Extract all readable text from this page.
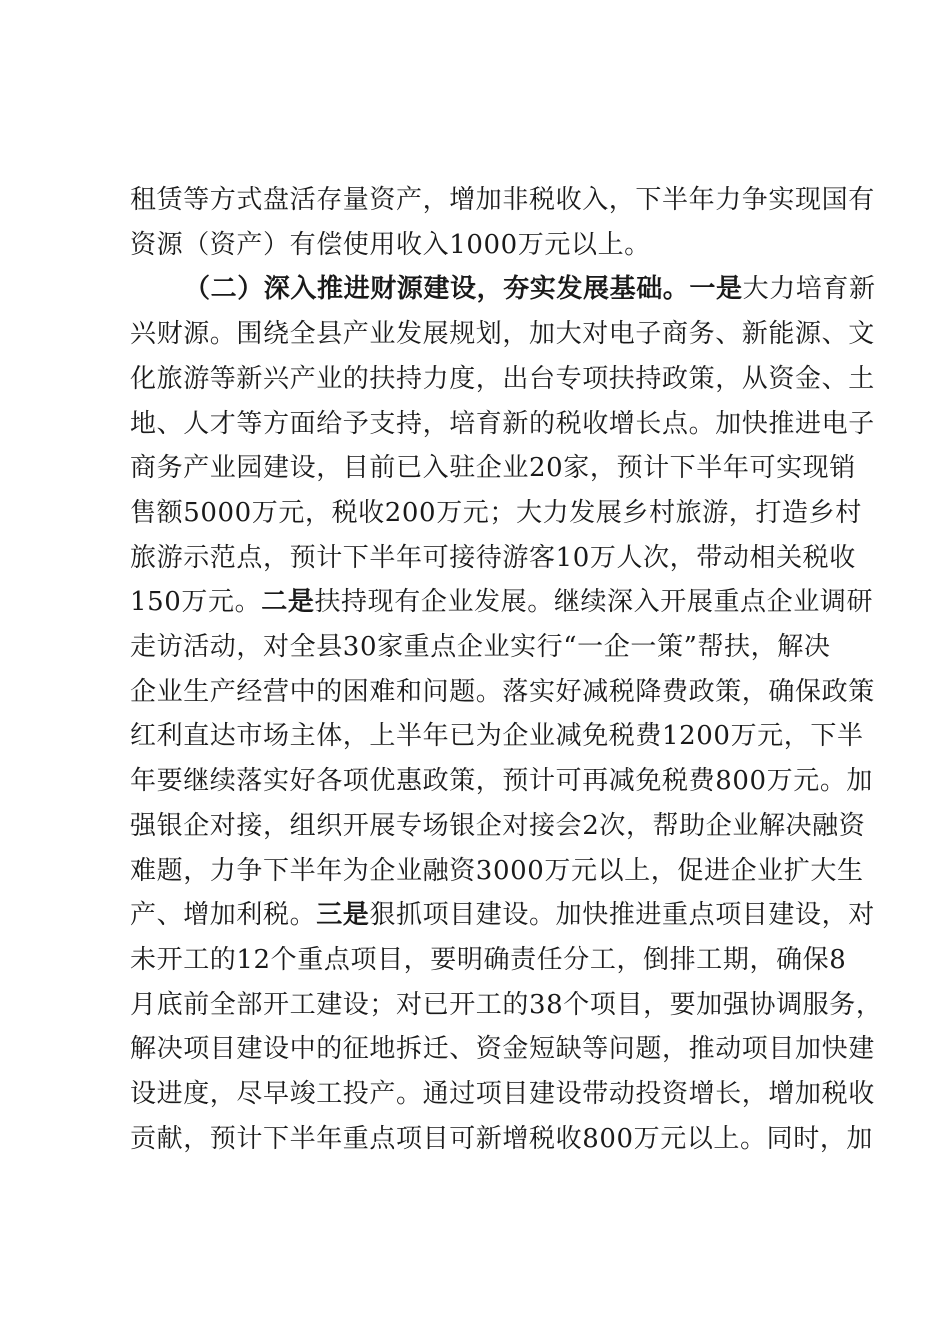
租赁等方式盘活存量资产，增加非税收入，下半年力争实现国有
资源（资产）有偿使用收入1000万元以上。
（二）深入推进财源建设，夯实发展基础。一是大力培育新
兴财源。围绕全县产业发展规划，加大对电子商务、新能源、文
化旅游等新兴产业的扶持力度，出台专项扶持政策，从资金、土
地、人才等方面给予支持，培育新的税收增长点。加快推进电子
商务产业园建设，目前已入驻企业20家，预计下半年可实现销
售额5000万元，税收200万元；大力发展乡村旅游，打造乡村
旅游示范点，预计下半年可接待游客10万人次，带动相关税收
150万元。二是扶持现有企业发展。继续深入开展重点企业调研
走访活动，对全县30家重点企业实行“一企一策”帮扶，解决
企业生产经营中的困难和问题。落实好减税降费政策，确保政策
红利直达市场主体，上半年已为企业减免税费1200万元，下半
年要继续落实好各项优惠政策，预计可再减免税费800万元。加
强银企对接，组织开展专场银企对接会2次，帮助企业解决融资
难题，力争下半年为企业融资3000万元以上，促进企业扩大生
产、增加利税。三是狠抓项目建设。加快推进重点项目建设，对
未开工的12个重点项目，要明确责任分工，倒排工期，确保8
月底前全部开工建设；对已开工的38个项目，要加强协调服务，
解决项目建设中的征地拆迁、资金短缺等问题，推动项目加快建
设进度，尽早竣工投产。通过项目建设带动投资增长，增加税收
贡献，预计下半年重点项目可新增税收800万元以上。同时，加
